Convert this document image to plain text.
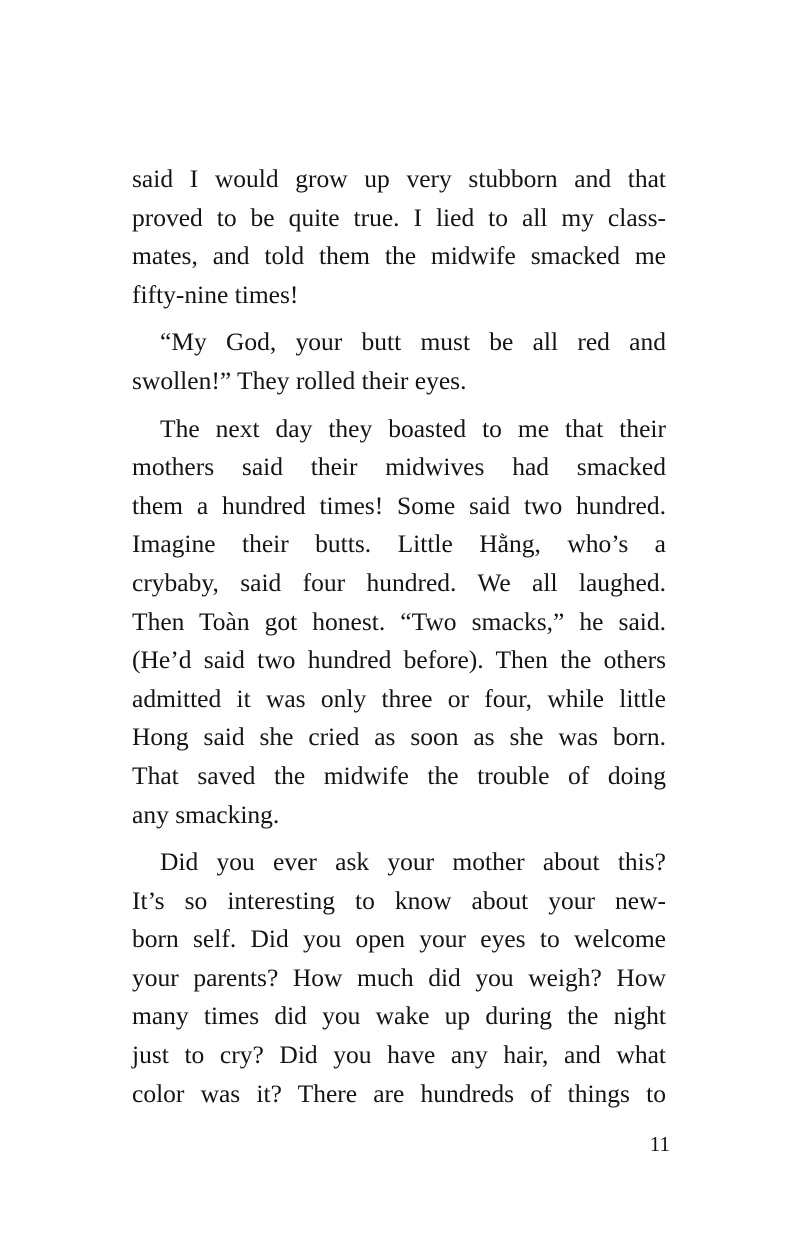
said I would grow up very stubborn and that
proved to be quite true. I lied to all my class-
mates, and told them the midwife smacked me
fifty-nine times!
“My God, your butt must be all red and
swollen!” They rolled their eyes.
The next day they boasted to me that their
mothers said their midwives had smacked
them a hundred times! Some said two hundred.
Imagine their butts. Little Hằng, who’s a
crybaby, said four hundred. We all laughed.
Then Toàn got honest. “Two smacks,” he said.
(He’d said two hundred before). Then the others
admitted it was only three or four, while little
Hong said she cried as soon as she was born.
That saved the midwife the trouble of doing
any smacking.
Did you ever ask your mother about this?
It’s so interesting to know about your new-
born self. Did you open your eyes to welcome
your parents? How much did you weigh? How
many times did you wake up during the night
just to cry? Did you have any hair, and what
color was it? There are hundreds of things to
11
